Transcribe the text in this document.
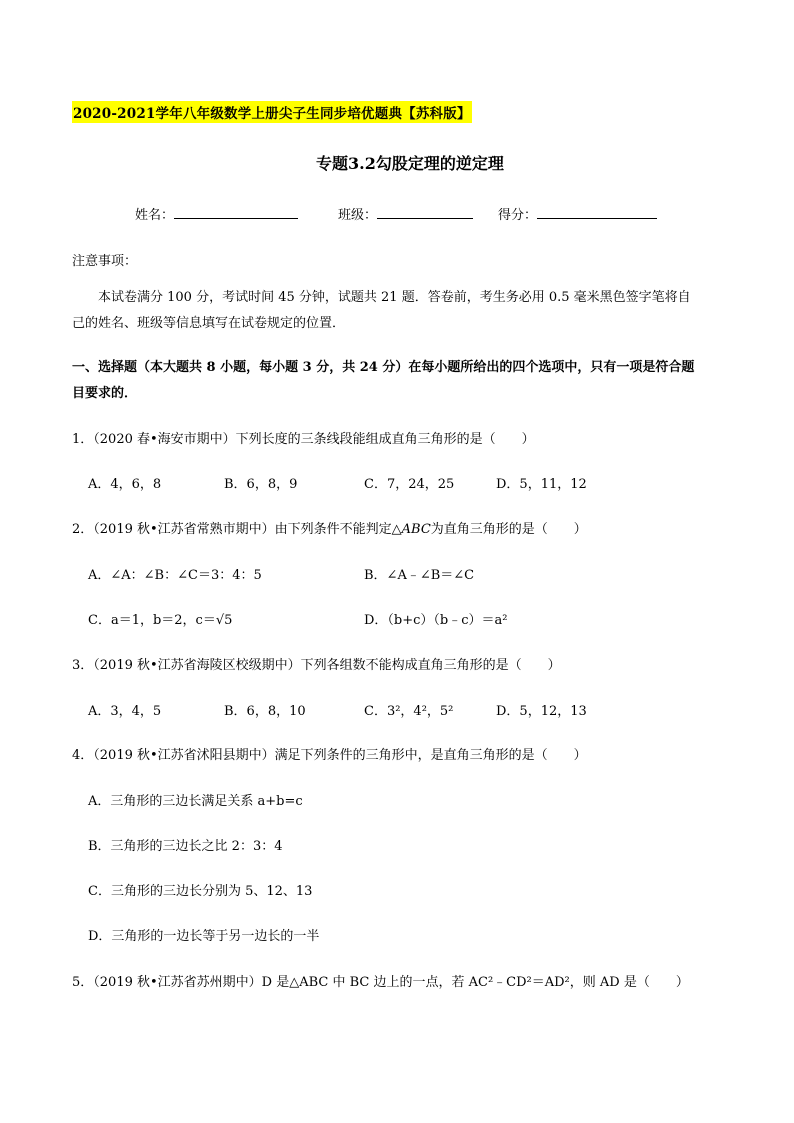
2020-2021学年八年级数学上册尖子生同步培优题典【苏科版】
专题3.2勾股定理的逆定理
姓名：	班级：	得分：
注意事项：
本试卷满分 100 分，考试时间 45 分钟，试题共 21 题．答卷前，考生务必用 0.5 毫米黑色签字笔将自
己的姓名、班级等信息填写在试卷规定的位置．
一、选择题（本大题共 8 小题，每小题 3 分，共 24 分）在每小题所给出的四个选项中，只有一项是符合题
目要求的．
1．（2020 春•海安市期中）下列长度的三条线段能组成直角三角形的是（　　）
A．4，6，8	B．6，8，9	C．7，24，25	D．5，11，12
2．（2019 秋•江苏省常熟市期中）由下列条件不能判定△ABC为直角三角形的是（　　）
A．∠A：∠B：∠C＝3：4：5	B．∠A﹣∠B＝∠C
C．a＝1，b＝2，c＝√5	D．（b+c）（b﹣c）＝a²
3．（2019 秋•江苏省海陵区校级期中）下列各组数不能构成直角三角形的是（　　）
A．3，4，5	B．6，8，10	C．3²，4²，5²	D．5，12，13
4．（2019 秋•江苏省沭阳县期中）满足下列条件的三角形中，是直角三角形的是（　　）
A．三角形的三边长满足关系 a+b=c
B．三角形的三边长之比 2：3：4
C．三角形的三边长分别为 5、12、13
D．三角形的一边长等于另一边长的一半
5．（2019 秋•江苏省苏州期中）D 是△ABC 中 BC 边上的一点，若 AC²﹣CD²＝AD²，则 AD 是（　　）
